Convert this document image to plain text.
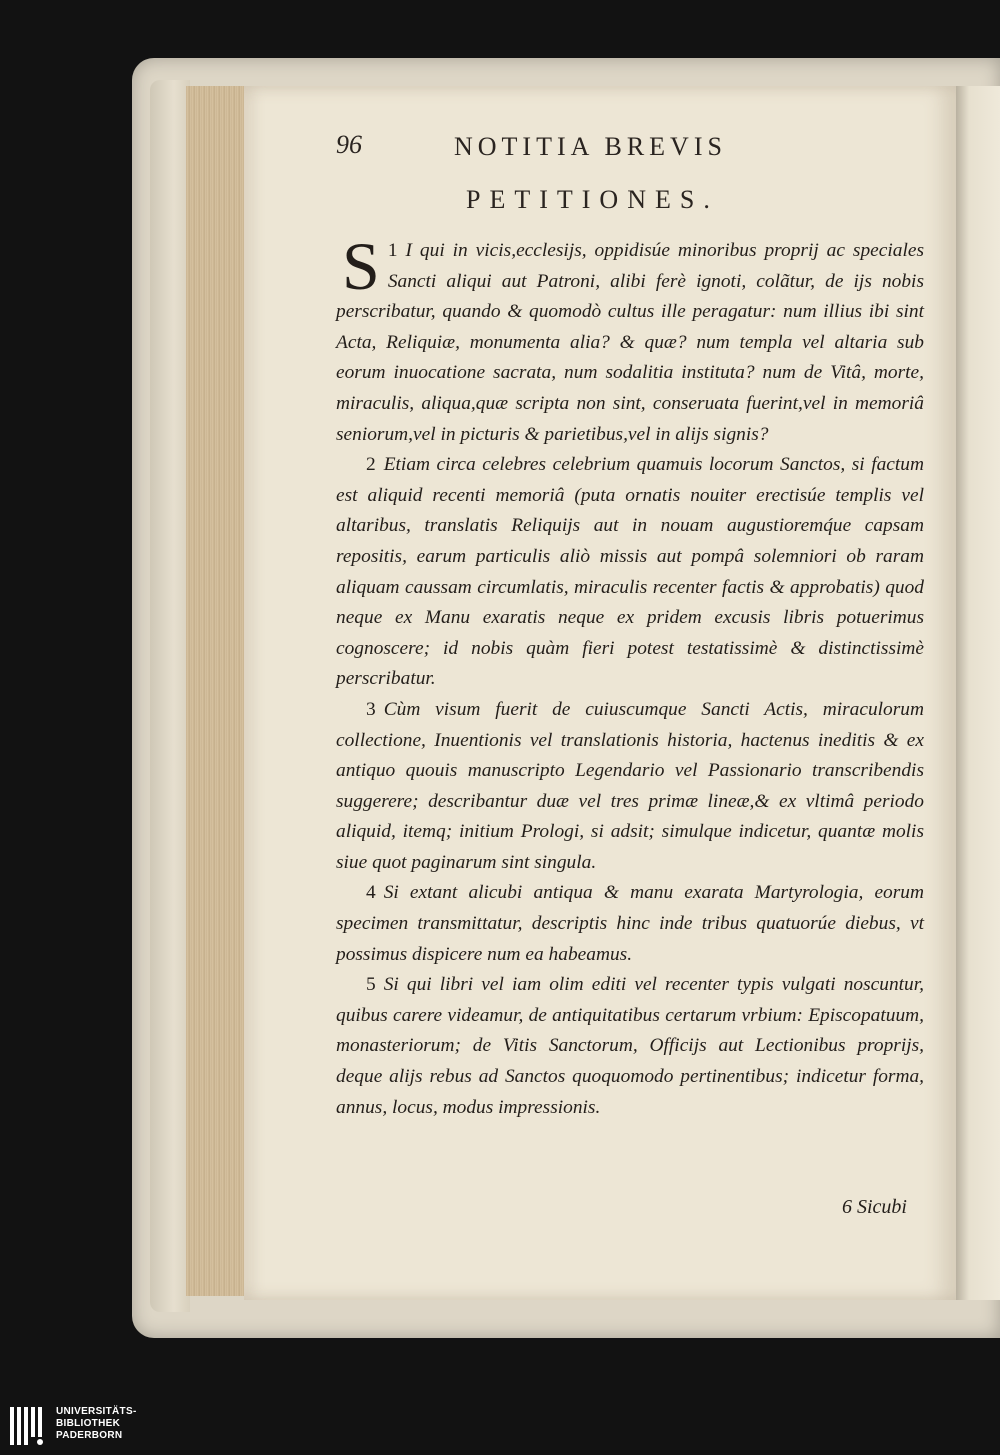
96	NOTITIA BREVIS
PETITIONES.

1
S I qui in vicis,ecclesijs, oppidisúe minoribus proprij ac speciales Sancti aliqui aut Patroni, alibi ferè ignoti, colãtur, de ijs nobis perscribatur, quando & quomodò cultus ille peragatur: num illius ibi sint Acta, Reliquiæ, monumenta alia? & quæ? num templa vel altaria sub eorum inuocatione sacrata, num sodalitia instituta? num de Vitâ, morte, miraculis, aliqua,quæ scripta non sint, conseruata fuerint,vel in memoriâ seniorum,vel in picturis & parietibus,vel in alijs signis?

2 Etiam circa celebres celebrium quamuis locorum Sanctos, si factum est aliquid recenti memoriâ (puta ornatis nouiter erectisúe templis vel altaribus, translatis Reliquijs aut in nouam augustioremq́ue capsam repositis, earum particulis aliò missis aut pompâ solemniori ob raram aliquam caussam circumlatis, miraculis recenter factis & approbatis) quod neque ex Manu exaratis neque ex pridem excusis libris potuerimus cognoscere; id nobis quàm fieri potest testatissimè & distinctissimè perscribatur.

3 Cùm visum fuerit de cuiuscumque Sancti Actis, miraculorum collectione, Inuentionis vel translationis historia, hactenus ineditis & ex antiquo quouis manuscripto Legendario vel Passionario transcribendis suggerere; describantur duæ vel tres primæ lineæ,& ex vltimâ periodo aliquid, itemq; initium Prologi, si adsit; simulque indicetur, quantæ molis siue quot paginarum sint singula.

4 Si extant alicubi antiqua & manu exarata Martyrologia, eorum specimen transmittatur, descriptis hinc inde tribus quatuorúe diebus, vt possimus dispicere num ea habeamus.

5 Si qui libri vel iam olim editi vel recenter typis vulgati noscuntur, quibus carere videamur, de antiquitatibus certarum vrbium: Episcopatuum, monasteriorum; de Vitis Sanctorum, Officijs aut Lectionibus proprijs, deque alijs rebus ad Sanctos quoquomodo pertinentibus; indicetur forma, annus, locus, modus impressionis.

6 Sicubi
UNIVERSITÄTS-
BIBLIOTHEK
PADERBORN
